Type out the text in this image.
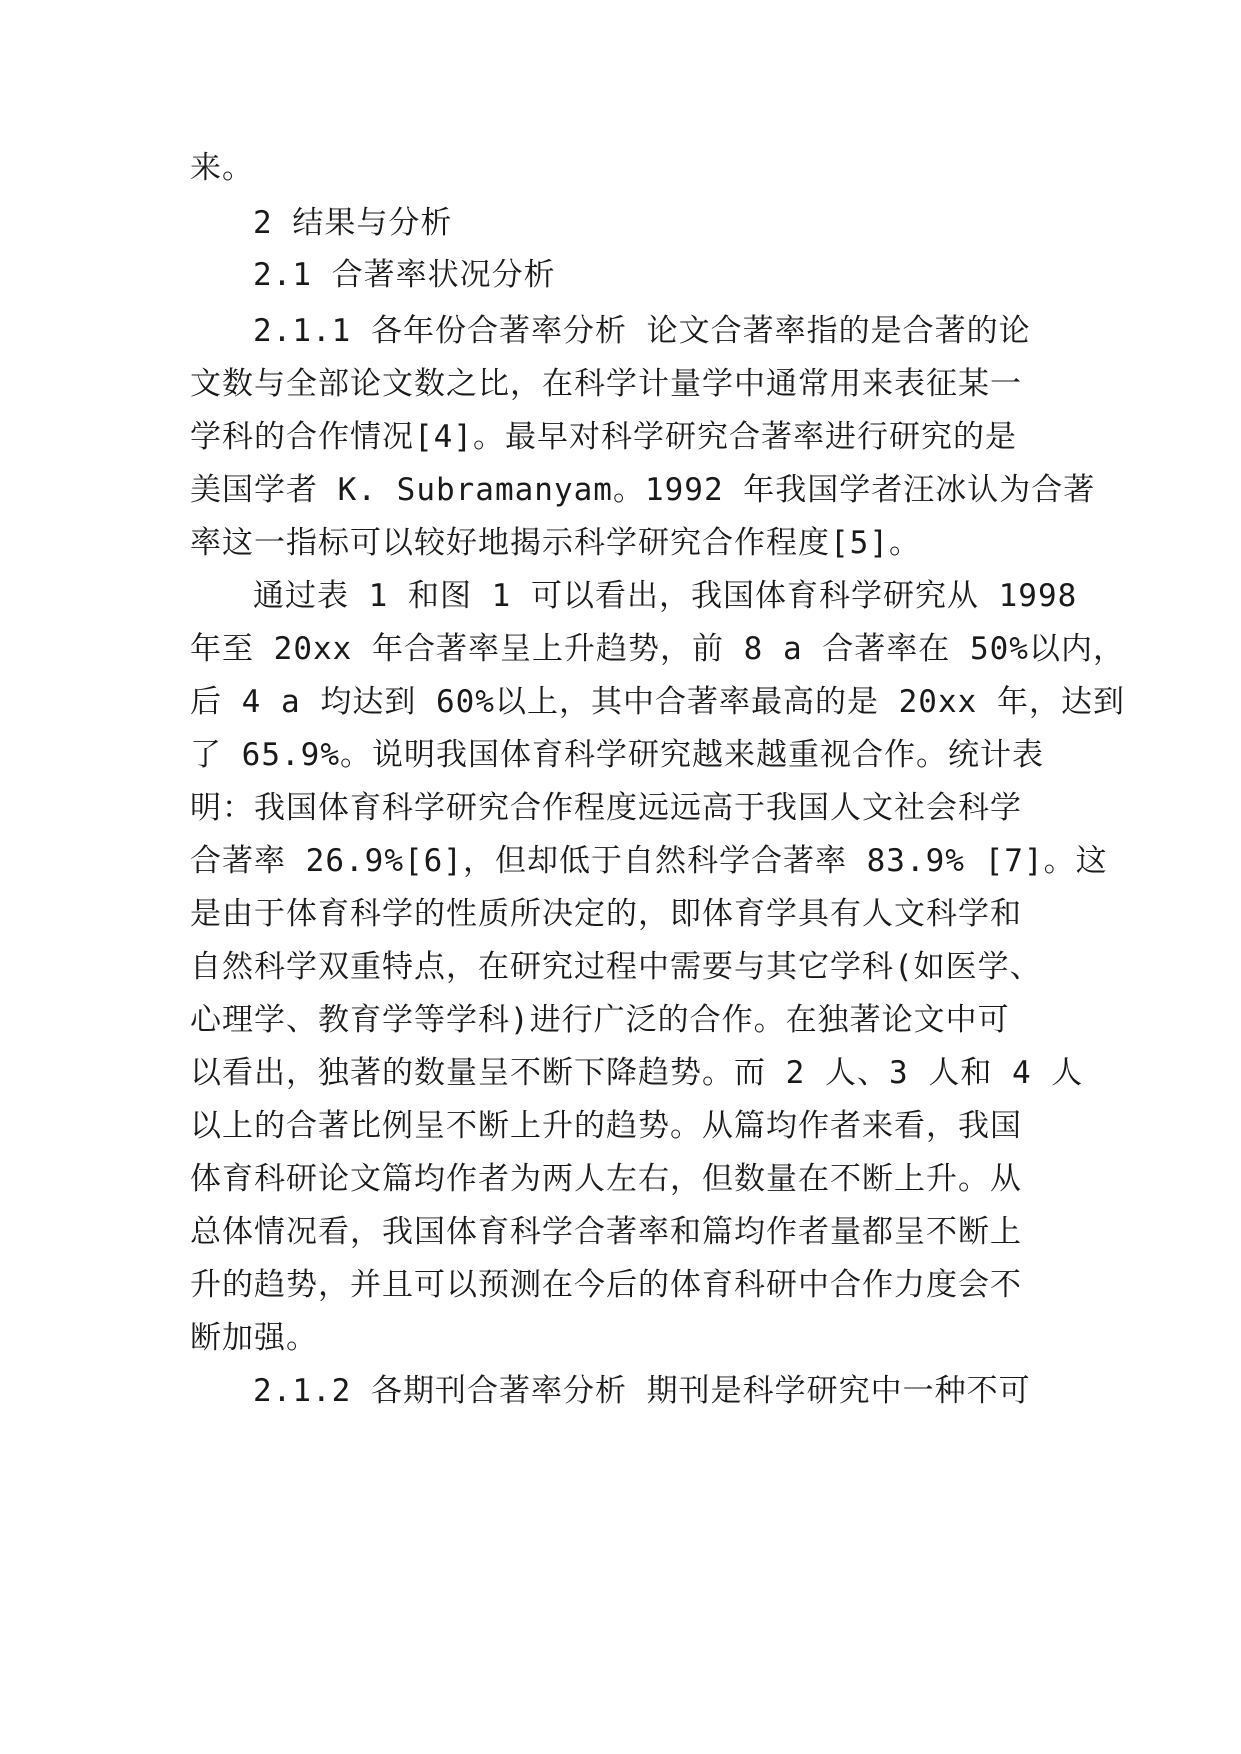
来。
2 结果与分析
2.1 合著率状况分析
2.1.1 各年份合著率分析 论文合著率指的是合著的论
文数与全部论文数之比，在科学计量学中通常用来表征某一
学科的合作情况[4]。最早对科学研究合著率进行研究的是
美国学者 K. Subramanyam。1992 年我国学者汪冰认为合著
率这一指标可以较好地揭示科学研究合作程度[5]。
通过表 1 和图 1 可以看出，我国体育科学研究从 1998
年至 20xx 年合著率呈上升趋势，前 8 a 合著率在 50%以内，
后 4 a 均达到 60%以上，其中合著率最高的是 20xx 年，达到
了 65.9%。说明我国体育科学研究越来越重视合作。统计表
明：我国体育科学研究合作程度远远高于我国人文社会科学
合著率 26.9%[6]，但却低于自然科学合著率 83.9% [7]。这
是由于体育科学的性质所决定的，即体育学具有人文科学和
自然科学双重特点，在研究过程中需要与其它学科(如医学、
心理学、教育学等学科)进行广泛的合作。在独著论文中可
以看出，独著的数量呈不断下降趋势。而 2 人、3 人和 4 人
以上的合著比例呈不断上升的趋势。从篇均作者来看，我国
体育科研论文篇均作者为两人左右，但数量在不断上升。从
总体情况看，我国体育科学合著率和篇均作者量都呈不断上
升的趋势，并且可以预测在今后的体育科研中合作力度会不
断加强。
2.1.2 各期刊合著率分析 期刊是科学研究中一种不可
